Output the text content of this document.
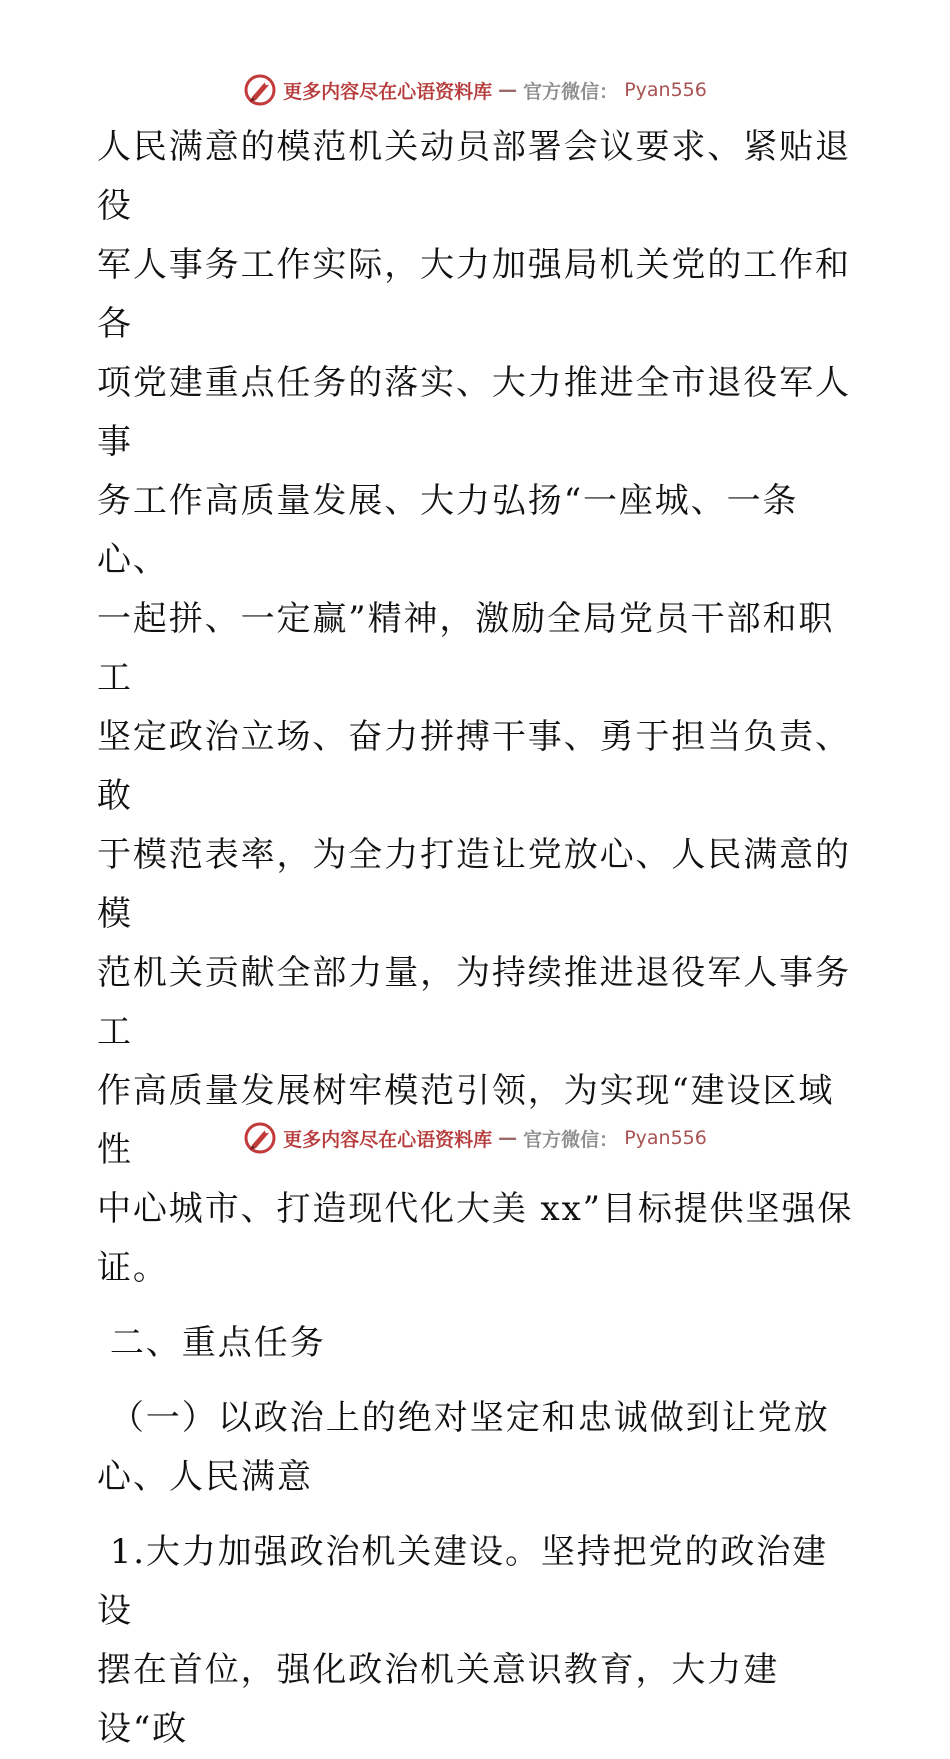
更多内容尽在心语资料库 — 官方微信： Pyan556

人民满意的模范机关动员部署会议要求、紧贴退役

军人事务工作实际，大力加强局机关党的工作和各

项党建重点任务的落实、大力推进全市退役军人事

务工作高质量发展、大力弘扬“一座城、一条心、

一起拼、一定赢”精神，激励全局党员干部和职工

坚定政治立场、奋力拼搏干事、勇于担当负责、敢

于模范表率，为全力打造让党放心、人民满意的模

范机关贡献全部力量，为持续推进退役军人事务工

作高质量发展树牢模范引领，为实现“建设区域性

中心城市、打造现代化大美 xx”目标提供坚强保

证。

二、重点任务

（一）以政治上的绝对坚定和忠诚做到让党放

心、人民满意

1.大力加强政治机关建设。坚持把党的政治建设

摆在首位，强化政治机关意识教育，大力建设“政

更多内容尽在心语资料库 — 官方微信： Pyan556
